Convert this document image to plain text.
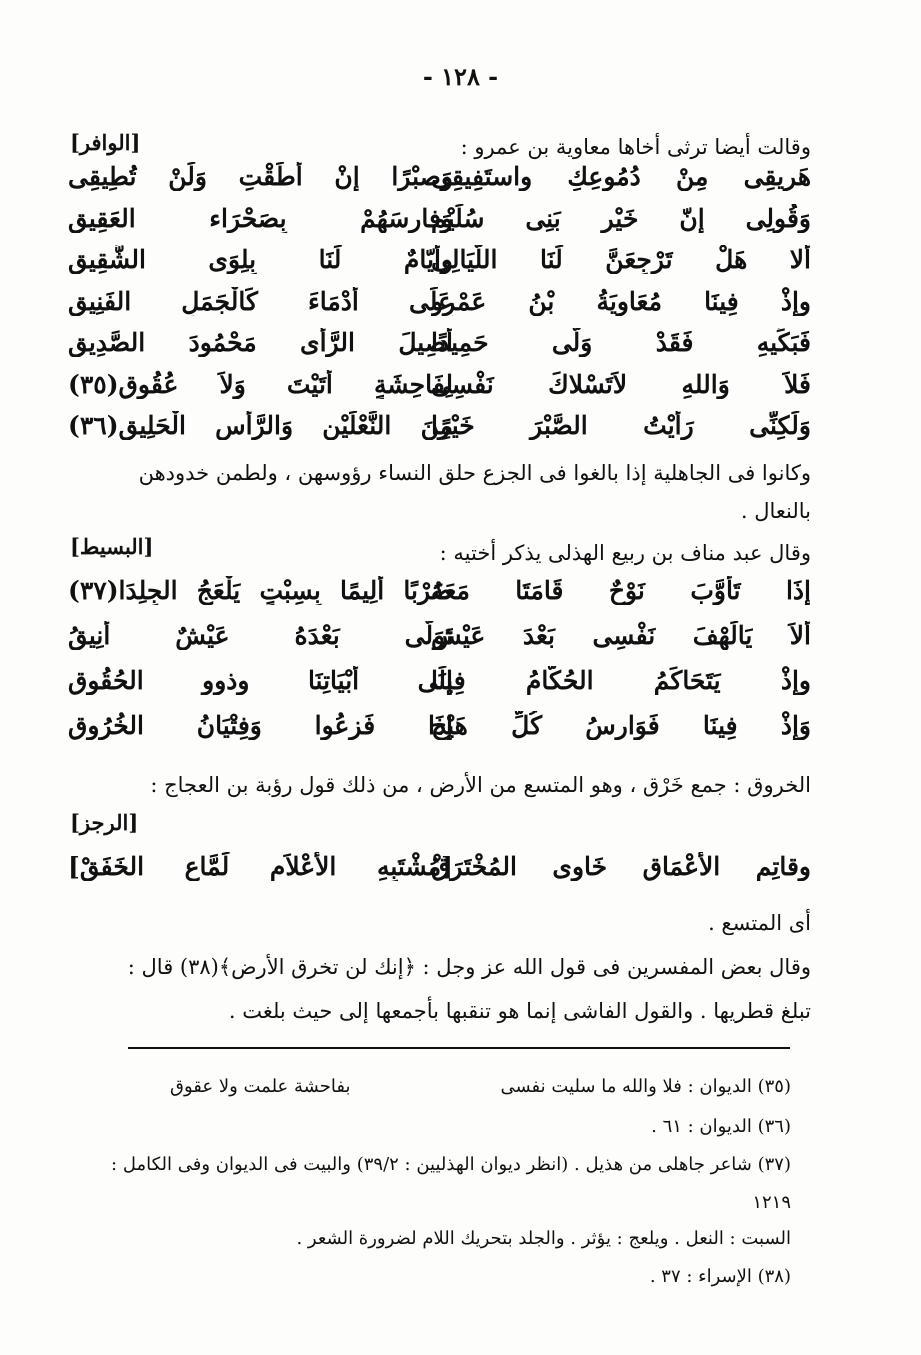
- ١٢٨ -
وقالت أيضا ترثى أخاها معاوية بن عمرو :
[الوافر]
هَرِيقِى مِنْ دُمُوعِكِ واستَفِيقِى
وَصبْرًا إنْ أطَقْتِ وَلَنْ تُطِيقِى
وَقُولِى إنّ خَيْر بَنِى سُلَيْمٍ
وَفارِسَهُمْ بِصَحْرَاء العَقِيقِ
ألا هَلْ تَرْجِعَنَّ لَنَا اللَّيَالِى
وأيّامٌ لَنَا بِلِوَى الشَّقِيقِ
وإذْ فِينَا مُعَاوِيَةُ بْنُ عَمْرٍو
عَلَى أدْمَاءَ كَالْجَمَلِ الفَنِيقِ
فَبَكِّيهِ فَقَدْ وَلّى حَمِيدًا
أصِيلَ الرَّأى مَحْمُودَ الصَّدِيقِ
فَلاَ وَاللهِ لاَتَسْلاكَ نَفْسِى
لِفَاحِشَةٍ أتَيْتَ وَلاَ عُقُوقِ(٣٥)
وَلَكِنِّى رَأيْتُ الصَّبْرَ خَيْرًا
مِنَ النَّعْلَيْنِ وَالرَّأسِ الْحَلِيقِ(٣٦)
وكانوا فى الجاهلية إذا بالغوا فى الجزع حلق النساء رؤوسهن ، ولطمن خدودهن
بالنعال .
وقال عبد مناف بن ربيع الهذلى يذكر أختيه :
[البسيط]
إذَا تَأوَّبَ نَوْحٌ قَامَتَا مَعَهُ
ضَرْبًا ألِيمًا بِسِبْتٍ يَلْعَجُ الجِلِدَا(٣٧)
ألاَ يَالَهْفَ نَفْسِى بَعْدَ عَيْشٍ
تَوَلّى بَعْدَهُ عَيْشٌ أنِيقُ
وإذْ يَتَحَاكَمُ الحُكَّامُ فِينَا
إلَى أبْيَاتِنَا وذوو الحُقُوقِ
وَإذْ فِينَا فَوَارِسُ كُلِّ هَيْجٍ
إذَا فَزِعُوا وَفِتْيَانُ الخُرُوقِ
الخروق : جمع خَرْق ، وهو المتسع من الأرض ، من ذلك قول رؤبة بن العجاج :
[الرجز]
وقاتِمِ الأعْمَاقِ خَاوِى المُخْتَرَقْ
[مُشْتَبِهِ الأعْلاَمِ لَمَّاعِ الخَفَقْ]
أى المتسع .
وقال بعض المفسرين فى قول الله عز وجل : ﴿إنك لن تخرق الأرض﴾(٣٨) قال :
تبلغ قطريها . والقول الفاشى إنما هو تنقبها بأجمعها إلى حيث بلغت .
(٣٥) الديوان : فلا والله ما سليت نفسى
بفاحشة علمت ولا عقوق
(٣٦) الديوان : ٦١ .
(٣٧) شاعر جاهلى من هذيل . (انظر ديوان الهذليين : ٣٩/٢) والبيت فى الديوان وفى الكامل :
١٢١٩
السبت : النعل . ويلعج : يؤثر . والجلد بتحريك اللام لضرورة الشعر .
(٣٨) الإسراء : ٣٧ .
